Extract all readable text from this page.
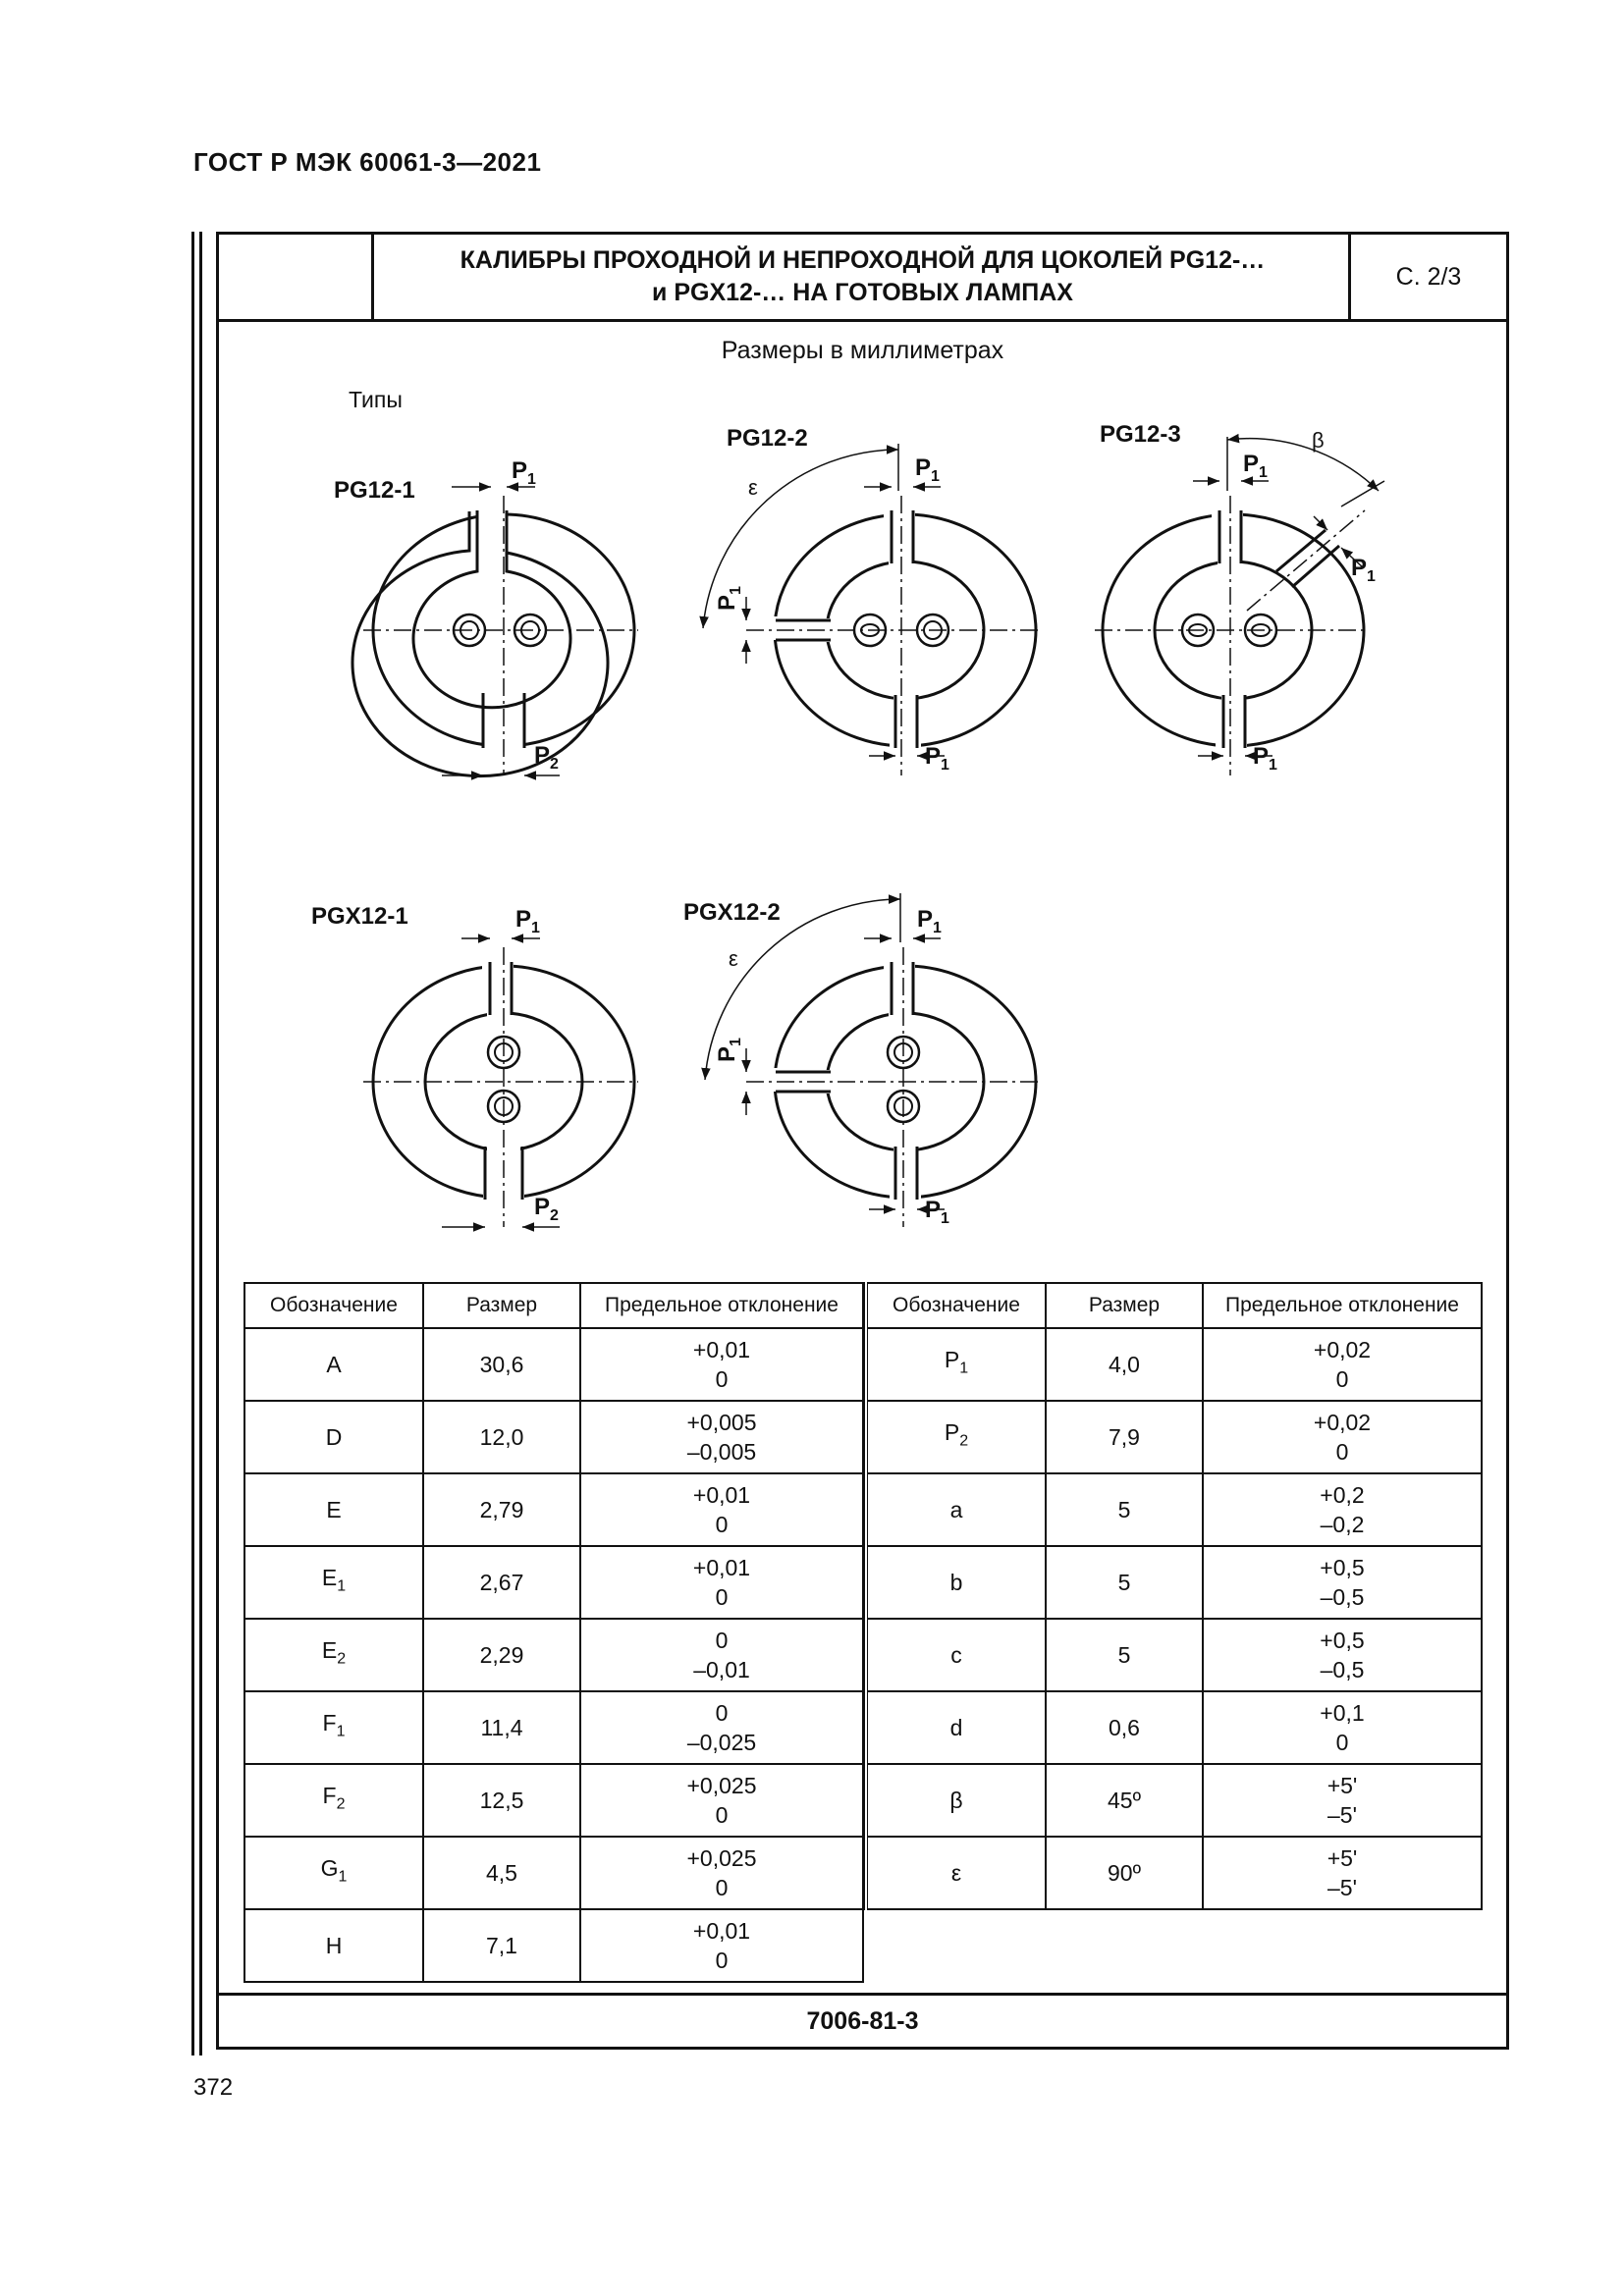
ГОСТ Р МЭК 60061-3—2021
КАЛИБРЫ ПРОХОДНОЙ И НЕПРОХОДНОЙ ДЛЯ ЦОКОЛЕЙ PG12-…
и PGX12-… НА ГОТОВЫХ ЛАМПАХ
С. 2/3
Размеры в миллиметрах
Типы
7006-81-3
PG12-1
$P_1$
$P_2$
PG12-2
ε
$P_1$
$P_1$
$P_1$
PG12-3	β
$P_1$
$P_1$
$P_1$
PGX12-1	$P_1$
$P_2$
PGX12-2
ε
$P_1$
$P_1$
$P_1$
Обозначение	Размер	Предельное отклонение
A	30,6	+0,01
0
D	12,0	+0,005
–0,005
E	2,79	+0,01
0
$E_1$	2,67	+0,01
0
$E_2$	2,29	0
–0,01
$F_1$	11,4	0
–0,025
$F_2$	12,5	+0,025
0
$G_1$	4,5	+0,025
0
H	7,1	+0,01
0
Обозначение	Размер	Предельное отклонение
$P_1$	4,0	+0,02
0
$P_2$	7,9	+0,02
0
a	5	+0,2
–0,2
b	5	+0,5
–0,5
c	5	+0,5
–0,5
d	0,6	+0,1
0
β	45º	+5'
–5'
ε	90º	+5'
–5'
372
